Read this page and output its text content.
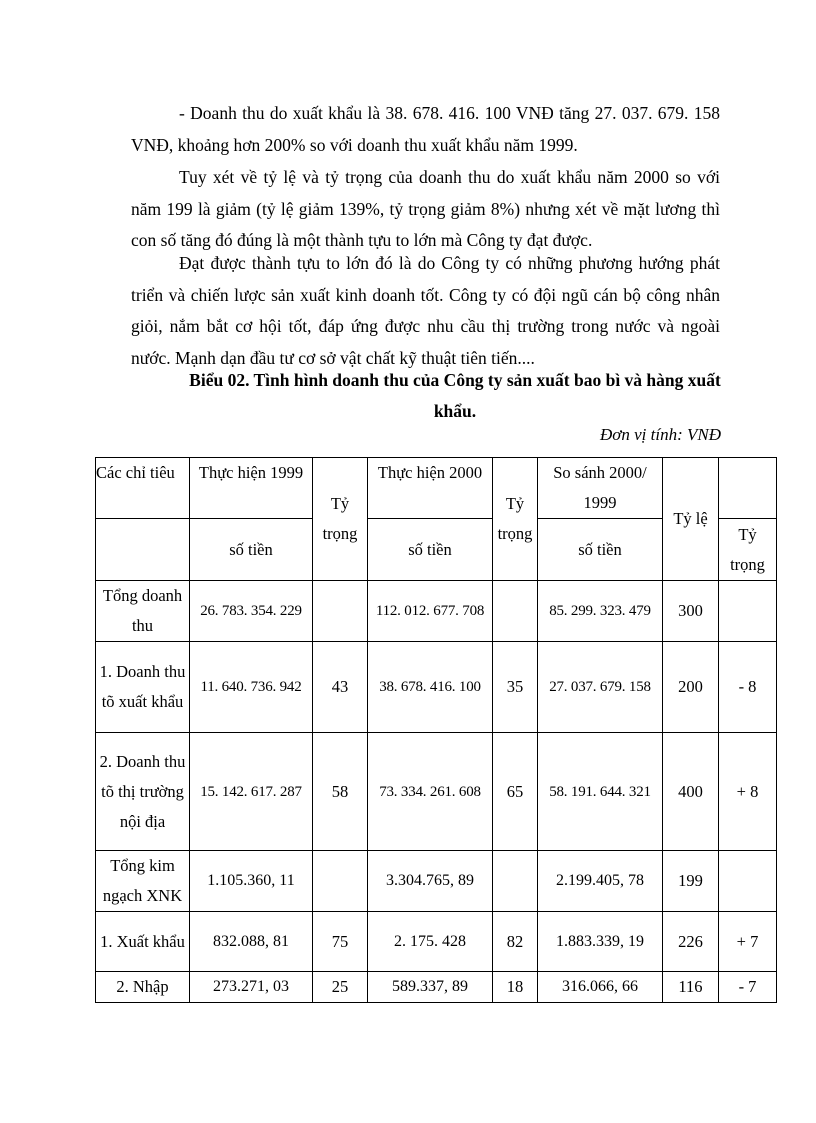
- Doanh thu do xuất khẩu là 38. 678. 416. 100 VNĐ tăng 27. 037. 679. 158 VNĐ, khoảng hơn 200% so với doanh thu xuất khẩu năm 1999.
Tuy xét về tỷ lệ và tỷ trọng của doanh thu do xuất khẩu năm 2000 so với năm 199 là giảm (tỷ lệ giảm 139%, tỷ trọng giảm 8%) nhưng xét về mặt lương thì con số tăng đó đúng là một thành tựu to lớn mà Công ty đạt được.
Đạt được thành tựu to lớn đó là do Công ty có những phương hướng phát triển và chiến lược sản xuất kinh doanh tốt. Công ty có đội ngũ cán bộ công nhân giỏi, nắm bắt cơ hội tốt, đáp ứng được nhu cầu thị trường trong nước và ngoài nước. Mạnh dạn đầu tư cơ sở vật chất kỹ thuật tiên tiến....
Biểu 02. Tình hình doanh thu của Công ty sản xuất bao bì và hàng xuất khẩu.
Đơn vị tính: VNĐ
Các chỉ tiêu	Thực hiện 1999	Tỷ trọng	Thực hiện 2000	Tỷ trọng	So sánh 2000/ 1999	Tỷ lệ	
	số tiền		số tiền		số tiền		Tỷ trọng
Tổng doanh thu	26. 783. 354. 229		112. 012. 677. 708		85. 299. 323. 479	300	
1. Doanh thu tõ xuất khẩu	11. 640. 736. 942	43	38. 678. 416. 100	35	27. 037. 679. 158	200	- 8
2. Doanh thu tõ thị trường nội địa	15. 142. 617. 287	58	73. 334. 261. 608	65	58. 191. 644. 321	400	+ 8
Tổng kim ngạch XNK	1.105.360, 11		3.304.765, 89		2.199.405, 78	199	
1. Xuất khẩu	832.088, 81	75	2. 175. 428	82	1.883.339, 19	226	+ 7
2. Nhập	273.271, 03	25	589.337, 89	18	316.066, 66	116	- 7
